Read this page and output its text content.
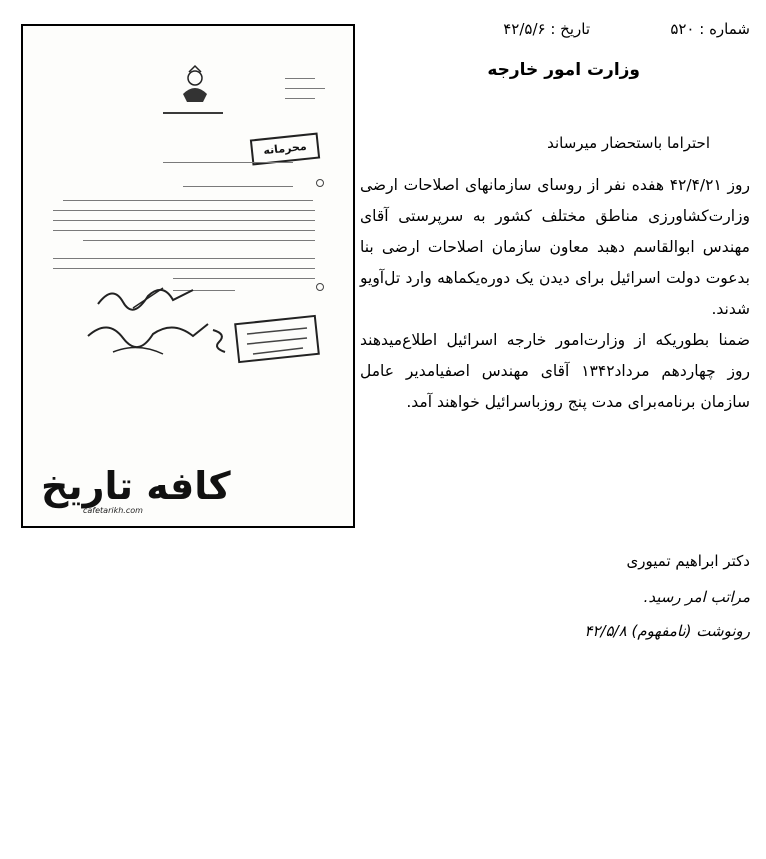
محرمانه
کافه تاریخ
cafetarikh.com
شماره : ۵۲۰
تاریخ : ۴۲/۵/۶
وزارت امور خارجه
احتراما باستحضار میرساند

روز ۴۲/۴/۲۱ هفده نفر از روسای سازمانهای اصلاحات ارضی وزارت‌کشاورزی مناطق مختلف کشور به سرپرستی آقای مهندس ابوالقاسم دهبد معاون سازمان اصلاحات ارضی بنا بدعوت دولت اسرائیل برای دیدن یک دوره‌یکماهه وارد تل‌آویو شدند.

ضمنا بطوریکه از وزارت‌امور خارجه اسرائیل اطلاع‌میدهند روز چهاردهم مرداد۱۳۴۲ آقای مهندس اصفیامدیر عامل سازمان برنامه‌برای مدت پنج روزباسرائیل خواهند آمد.

دکتر ابراهیم تمیوری
مراتب امر رسید.
رونوشت (نامفهوم) ۴۲/۵/۸
